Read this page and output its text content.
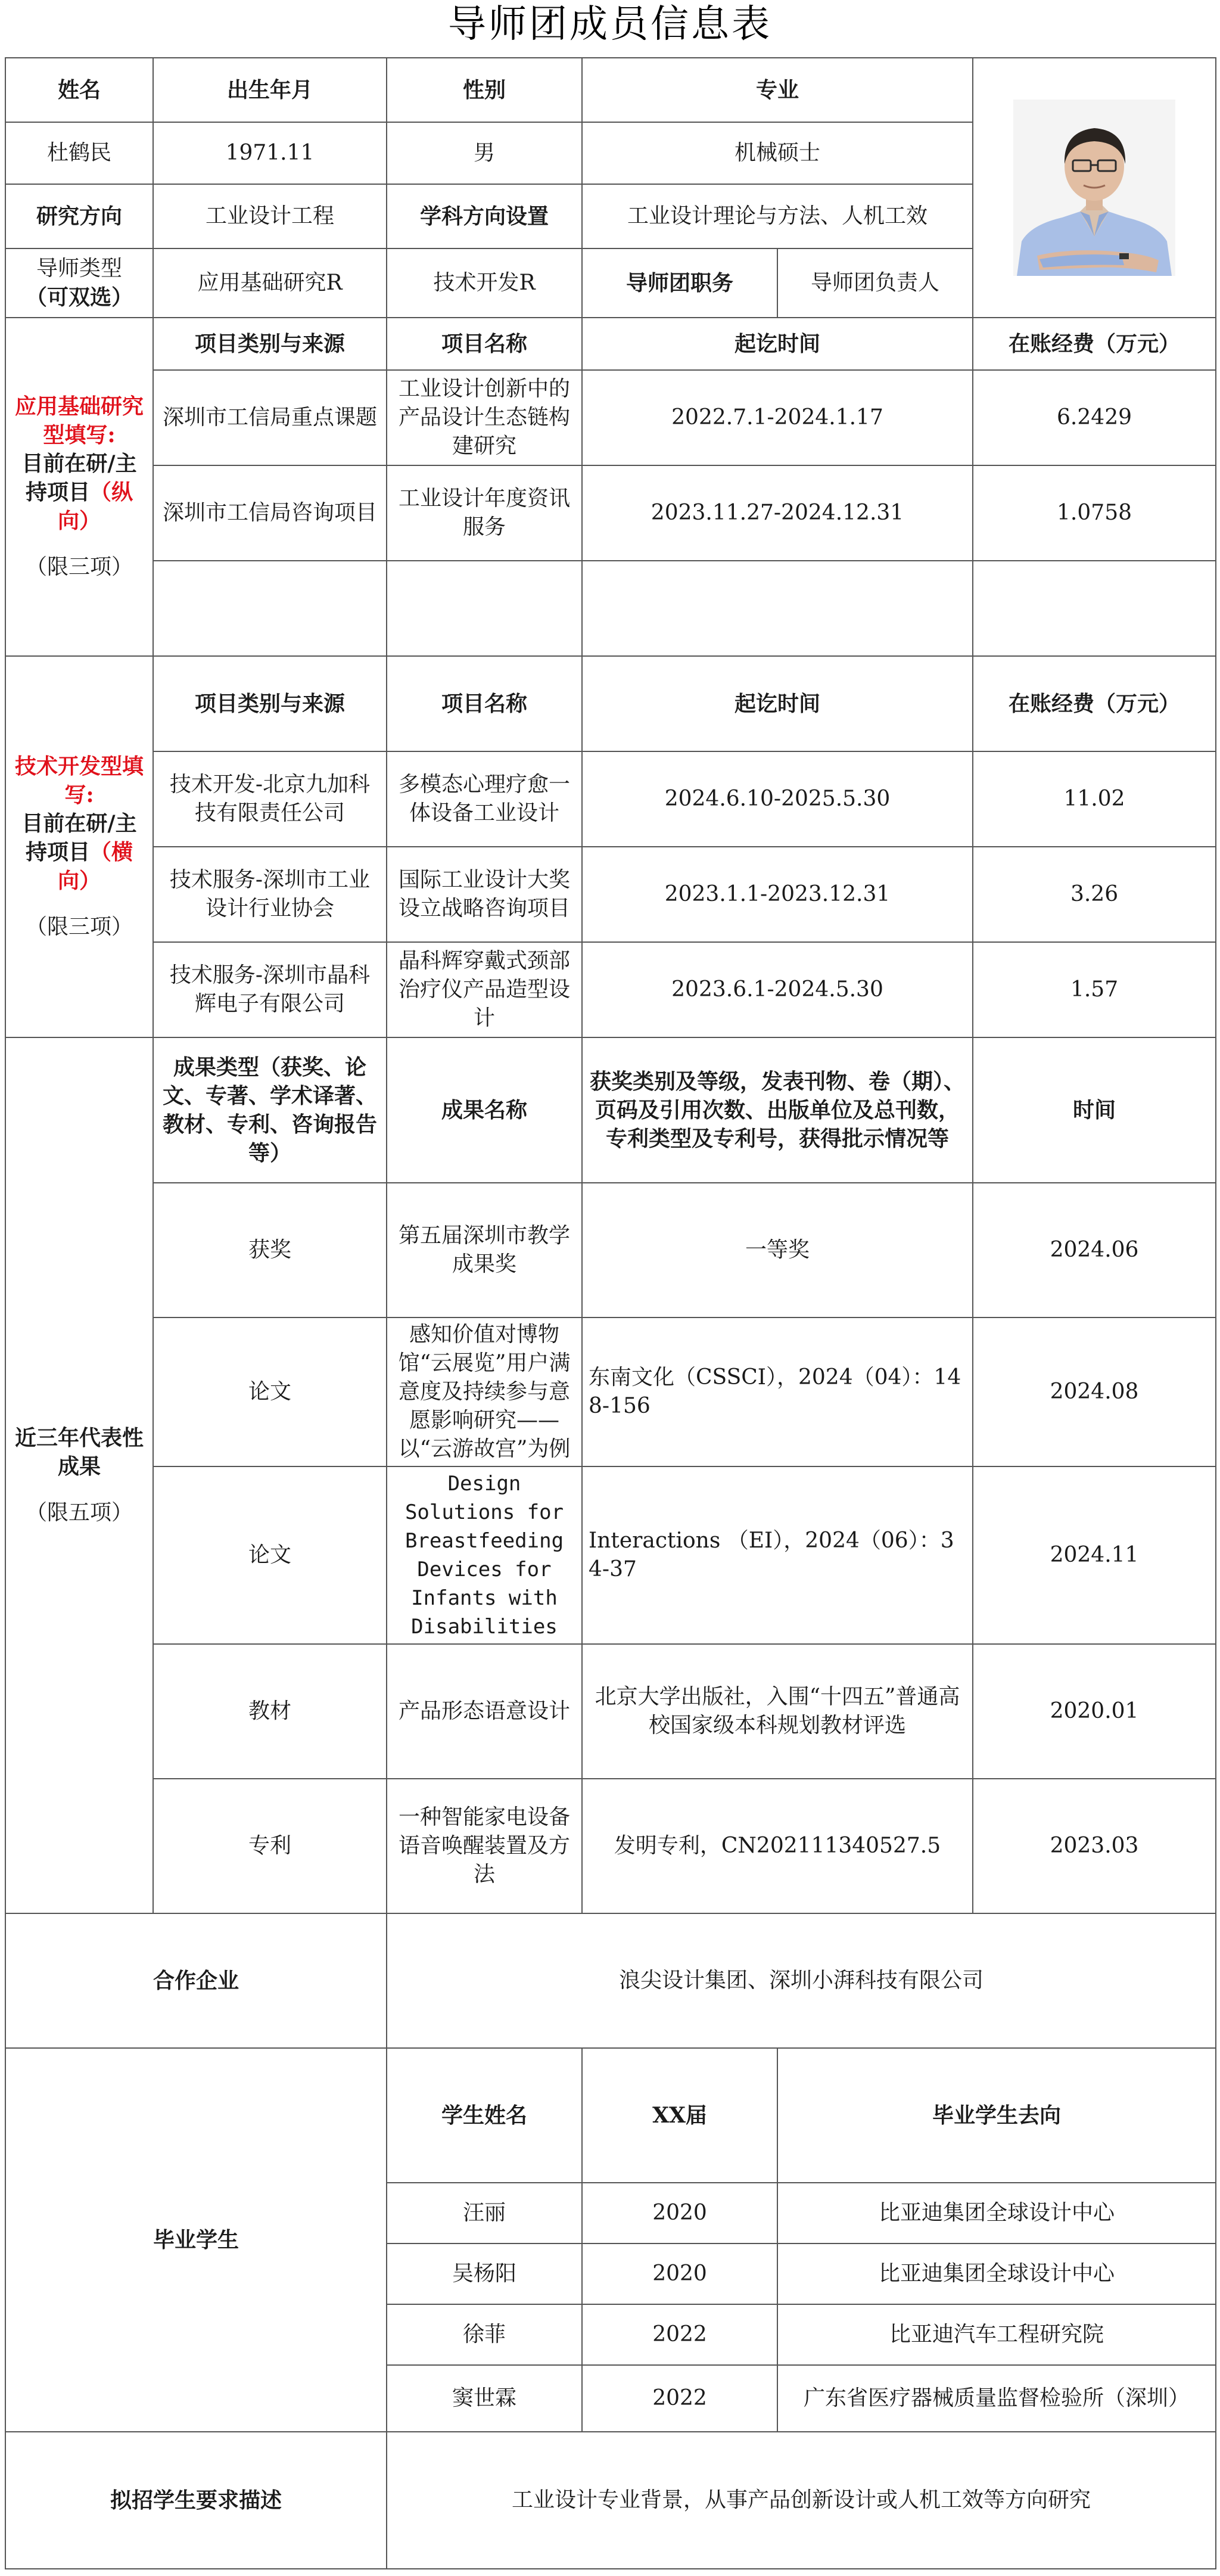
导师团成员信息表
姓名	出生年月	性别	专业	

杜鹤民	1971.11	男	机械硕士		
研究方向	工业设计工程	学科方向设置	工业设计理论与方法、人机工效		

导师类型
（可双选）	应用基础研究R	技术开发R	导师团职务	导师团负责人	

应用基础研究型填写:
目前在研/主持项目（纵向）
（限三项）	项目类别与来源	项目名称	起讫时间		在账经费（万元）
	深圳市工信局重点课题	工业设计创新中的产品设计生态链构建研究	2022.7.1-2024.1.17		6.2429
	深圳市工信局咨询项目	工业设计年度资讯服务	2023.11.27-2024.12.31		1.0758

技术开发型填写:
目前在研/主持项目（横向）
（限三项）	项目类别与来源	项目名称	起讫时间		在账经费（万元）
	技术开发-北京九加科技有限责任公司	多模态心理疗愈一体设备工业设计	2024.6.10-2025.5.30		11.02
	技术服务-深圳市工业设计行业协会	国际工业设计大奖设立战略咨询项目	2023.1.1-2023.12.31		3.26
	技术服务-深圳市晶科辉电子有限公司	晶科辉穿戴式颈部治疗仪产品造型设计	2023.6.1-2024.5.30		1.57

近三年代表性成果
（限五项）	成果类型（获奖、论文、专著、学术译著、教材、专利、咨询报告等）	成果名称	获奖类别及等级，发表刊物、卷（期）、页码及引用次数、出版单位及总刊数，专利类型及专利号，获得批示情况等		时间
	获奖	第五届深圳市教学成果奖	一等奖		2024.06
	论文	感知价值对博物馆“云展览”用户满意度及持续参与意愿影响研究——以“云游故宫”为例	东南文化（CSSCI），2024（04）：148-156		2024.08
	论文	Design Solutions for Breastfeeding Devices for Infants with Disabilities	Interactions （EI），2024（06）：34-37		2024.11
	教材	产品形态语意设计	北京大学出版社，入围“十四五”普通高校国家级本科规划教材评选		2020.01
	专利	一种智能家电设备语音唤醒装置及方法	发明专利，CN202111340527.5		2023.03
合作企业		浪尖设计集团、深圳小湃科技有限公司			
毕业学生		学生姓名	XX届	毕业学生去向	
		汪丽	2020	比亚迪集团全球设计中心	
		吴杨阳	2020	比亚迪集团全球设计中心	
		徐菲	2022	比亚迪汽车工程研究院	
		窦世霖	2022	广东省医疗器械质量监督检验所（深圳）	
拟招学生要求描述		工业设计专业背景，从事产品创新设计或人机工效等方向研究			
